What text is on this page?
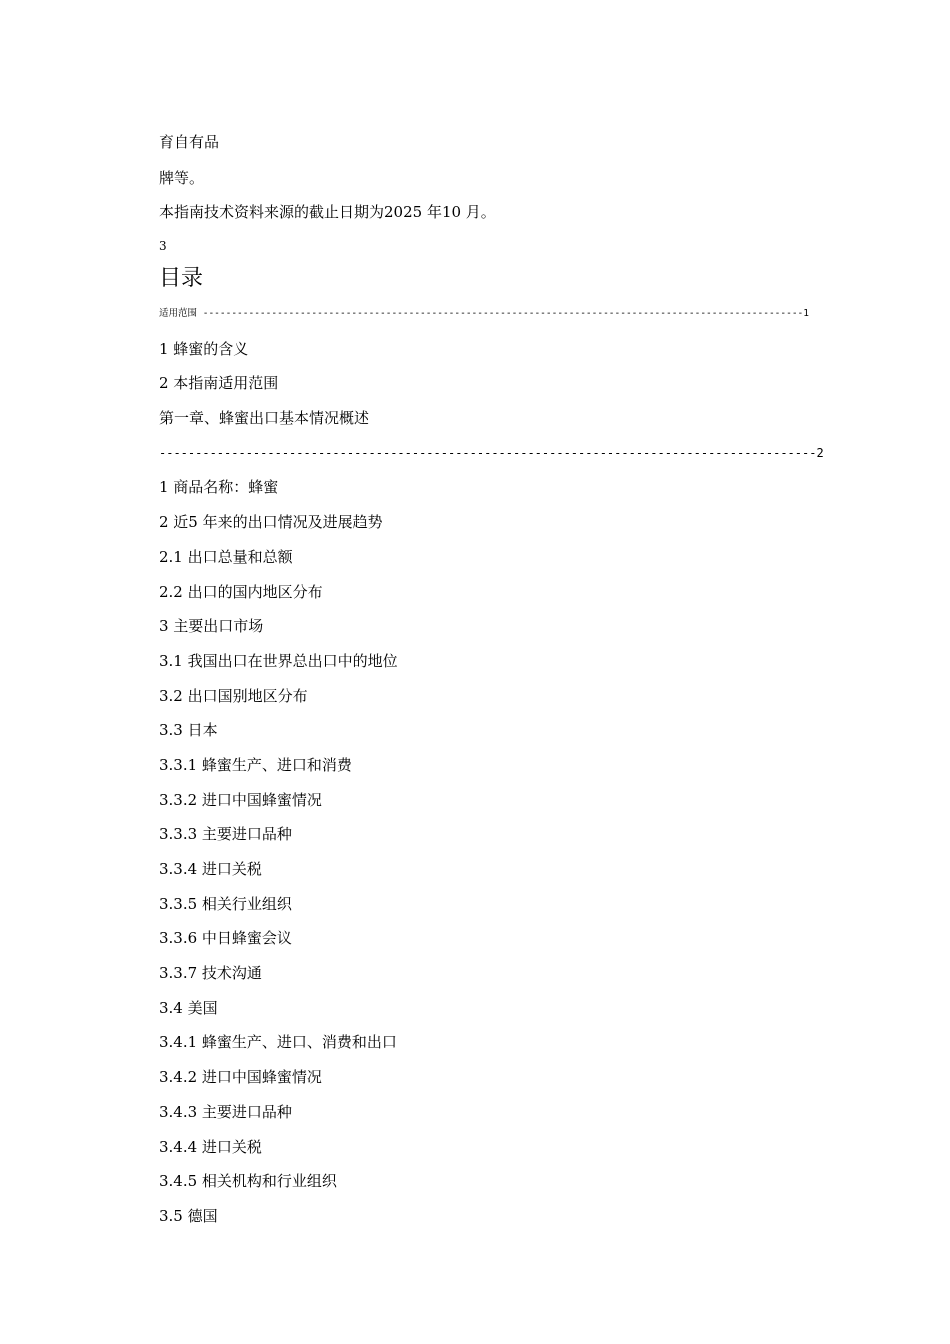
育自有品
牌等。
本指南技术资料来源的截止日期为2025 年10 月。
3
目录
适用范围 ---------------------------------------------------------------------------------------------------------1
1 蜂蜜的含义
2 本指南适用范围
第一章、蜂蜜出口基本情况概述
-------------------------------------------------------------------------------------------2
1 商品名称：蜂蜜
2 近5 年来的出口情况及进展趋势
2.1 出口总量和总额
2.2 出口的国内地区分布
3 主要出口市场
3.1 我国出口在世界总出口中的地位
3.2 出口国别地区分布
3.3 日本
3.3.1 蜂蜜生产、进口和消费
3.3.2 进口中国蜂蜜情况
3.3.3 主要进口品种
3.3.4 进口关税
3.3.5 相关行业组织
3.3.6 中日蜂蜜会议
3.3.7 技术沟通
3.4 美国
3.4.1 蜂蜜生产、进口、消费和出口
3.4.2 进口中国蜂蜜情况
3.4.3 主要进口品种
3.4.4 进口关税
3.4.5 相关机构和行业组织
3.5 德国
